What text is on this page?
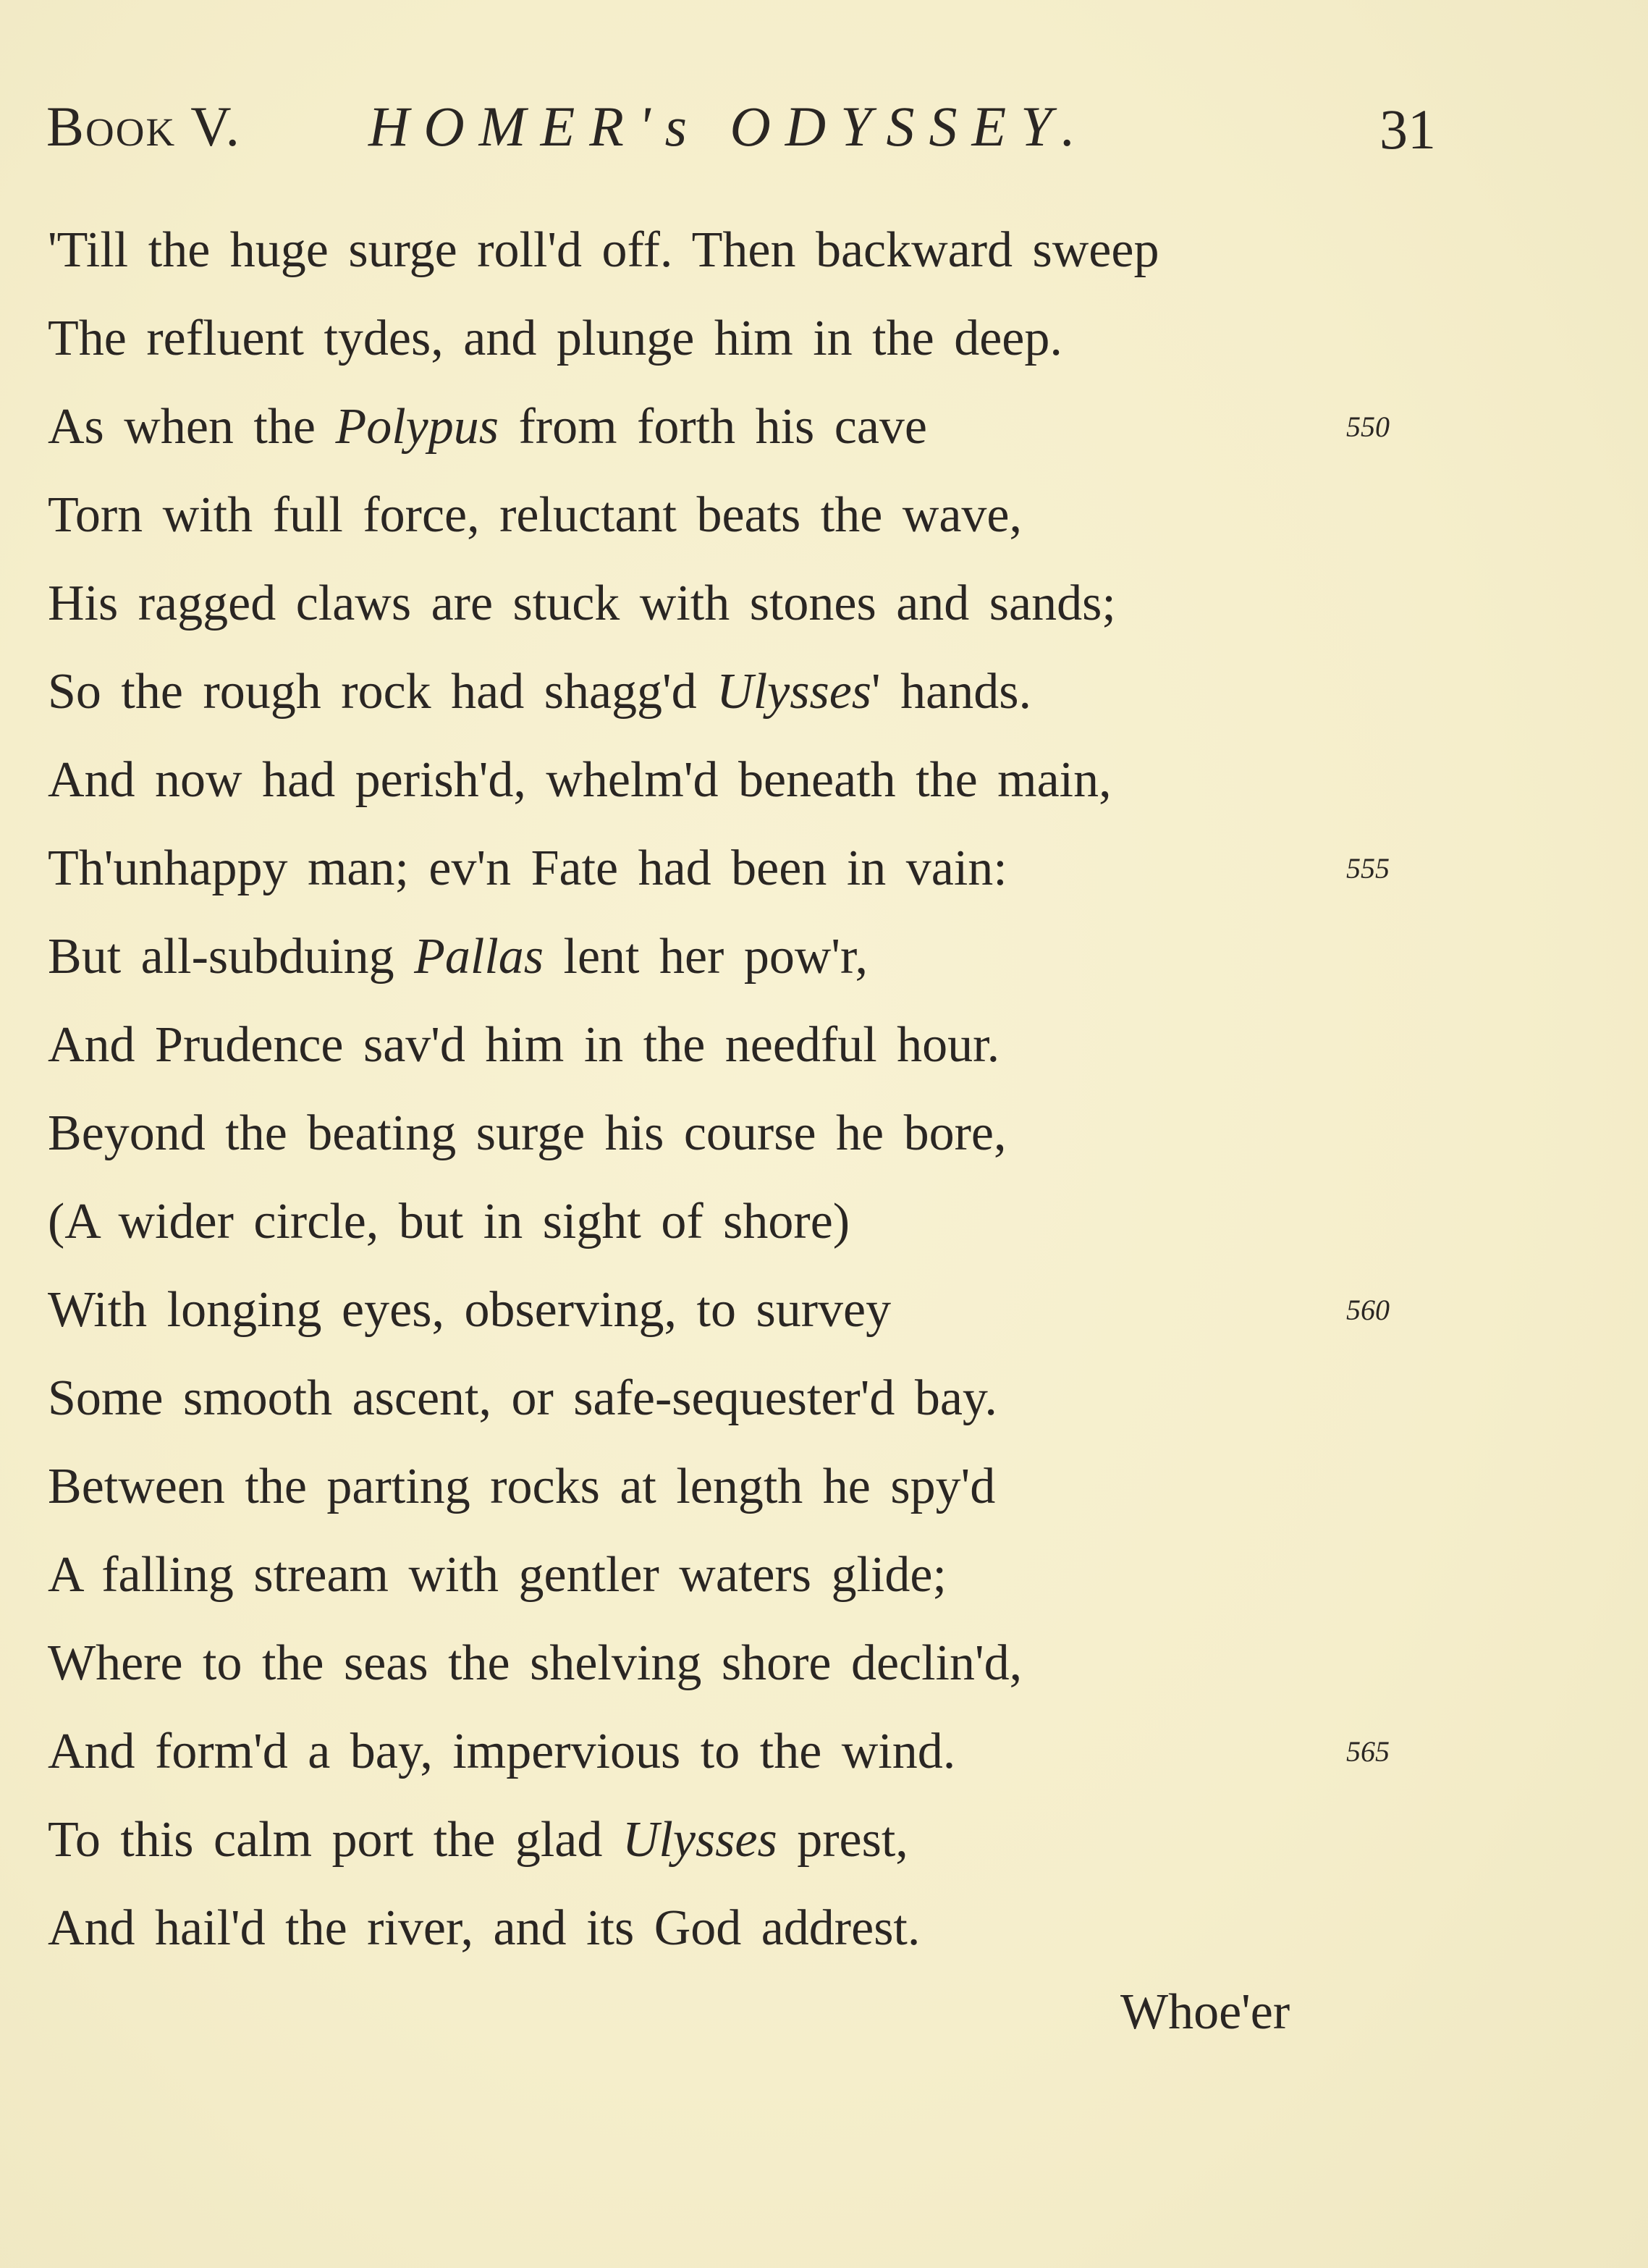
Book V. HOMER's ODYSSEY.	31
'Till the huge surge roll'd off. Then backward sweep
The refluent tydes, and plunge him in the deep.
As when the Polypus from forth his cave	550
Torn with full force, reluctant beats the wave,
His ragged claws are stuck with stones and sands;
So the rough rock had shagg'd Ulysses' hands.
And now had perish'd, whelm'd beneath the main,
Th'unhappy man; ev'n Fate had been in vain:	555
But all-subduing Pallas lent her pow'r,
And Prudence sav'd him in the needful hour.
Beyond the beating surge his course he bore,
(A wider circle, but in sight of shore)
With longing eyes, observing, to survey	560
Some smooth ascent, or safe-sequester'd bay.
Between the parting rocks at length he spy'd
A falling stream with gentler waters glide;
Where to the seas the shelving shore declin'd,
And form'd a bay, impervious to the wind.	565
To this calm port the glad Ulysses prest,
And hail'd the river, and its God addrest.
Whoe'er
